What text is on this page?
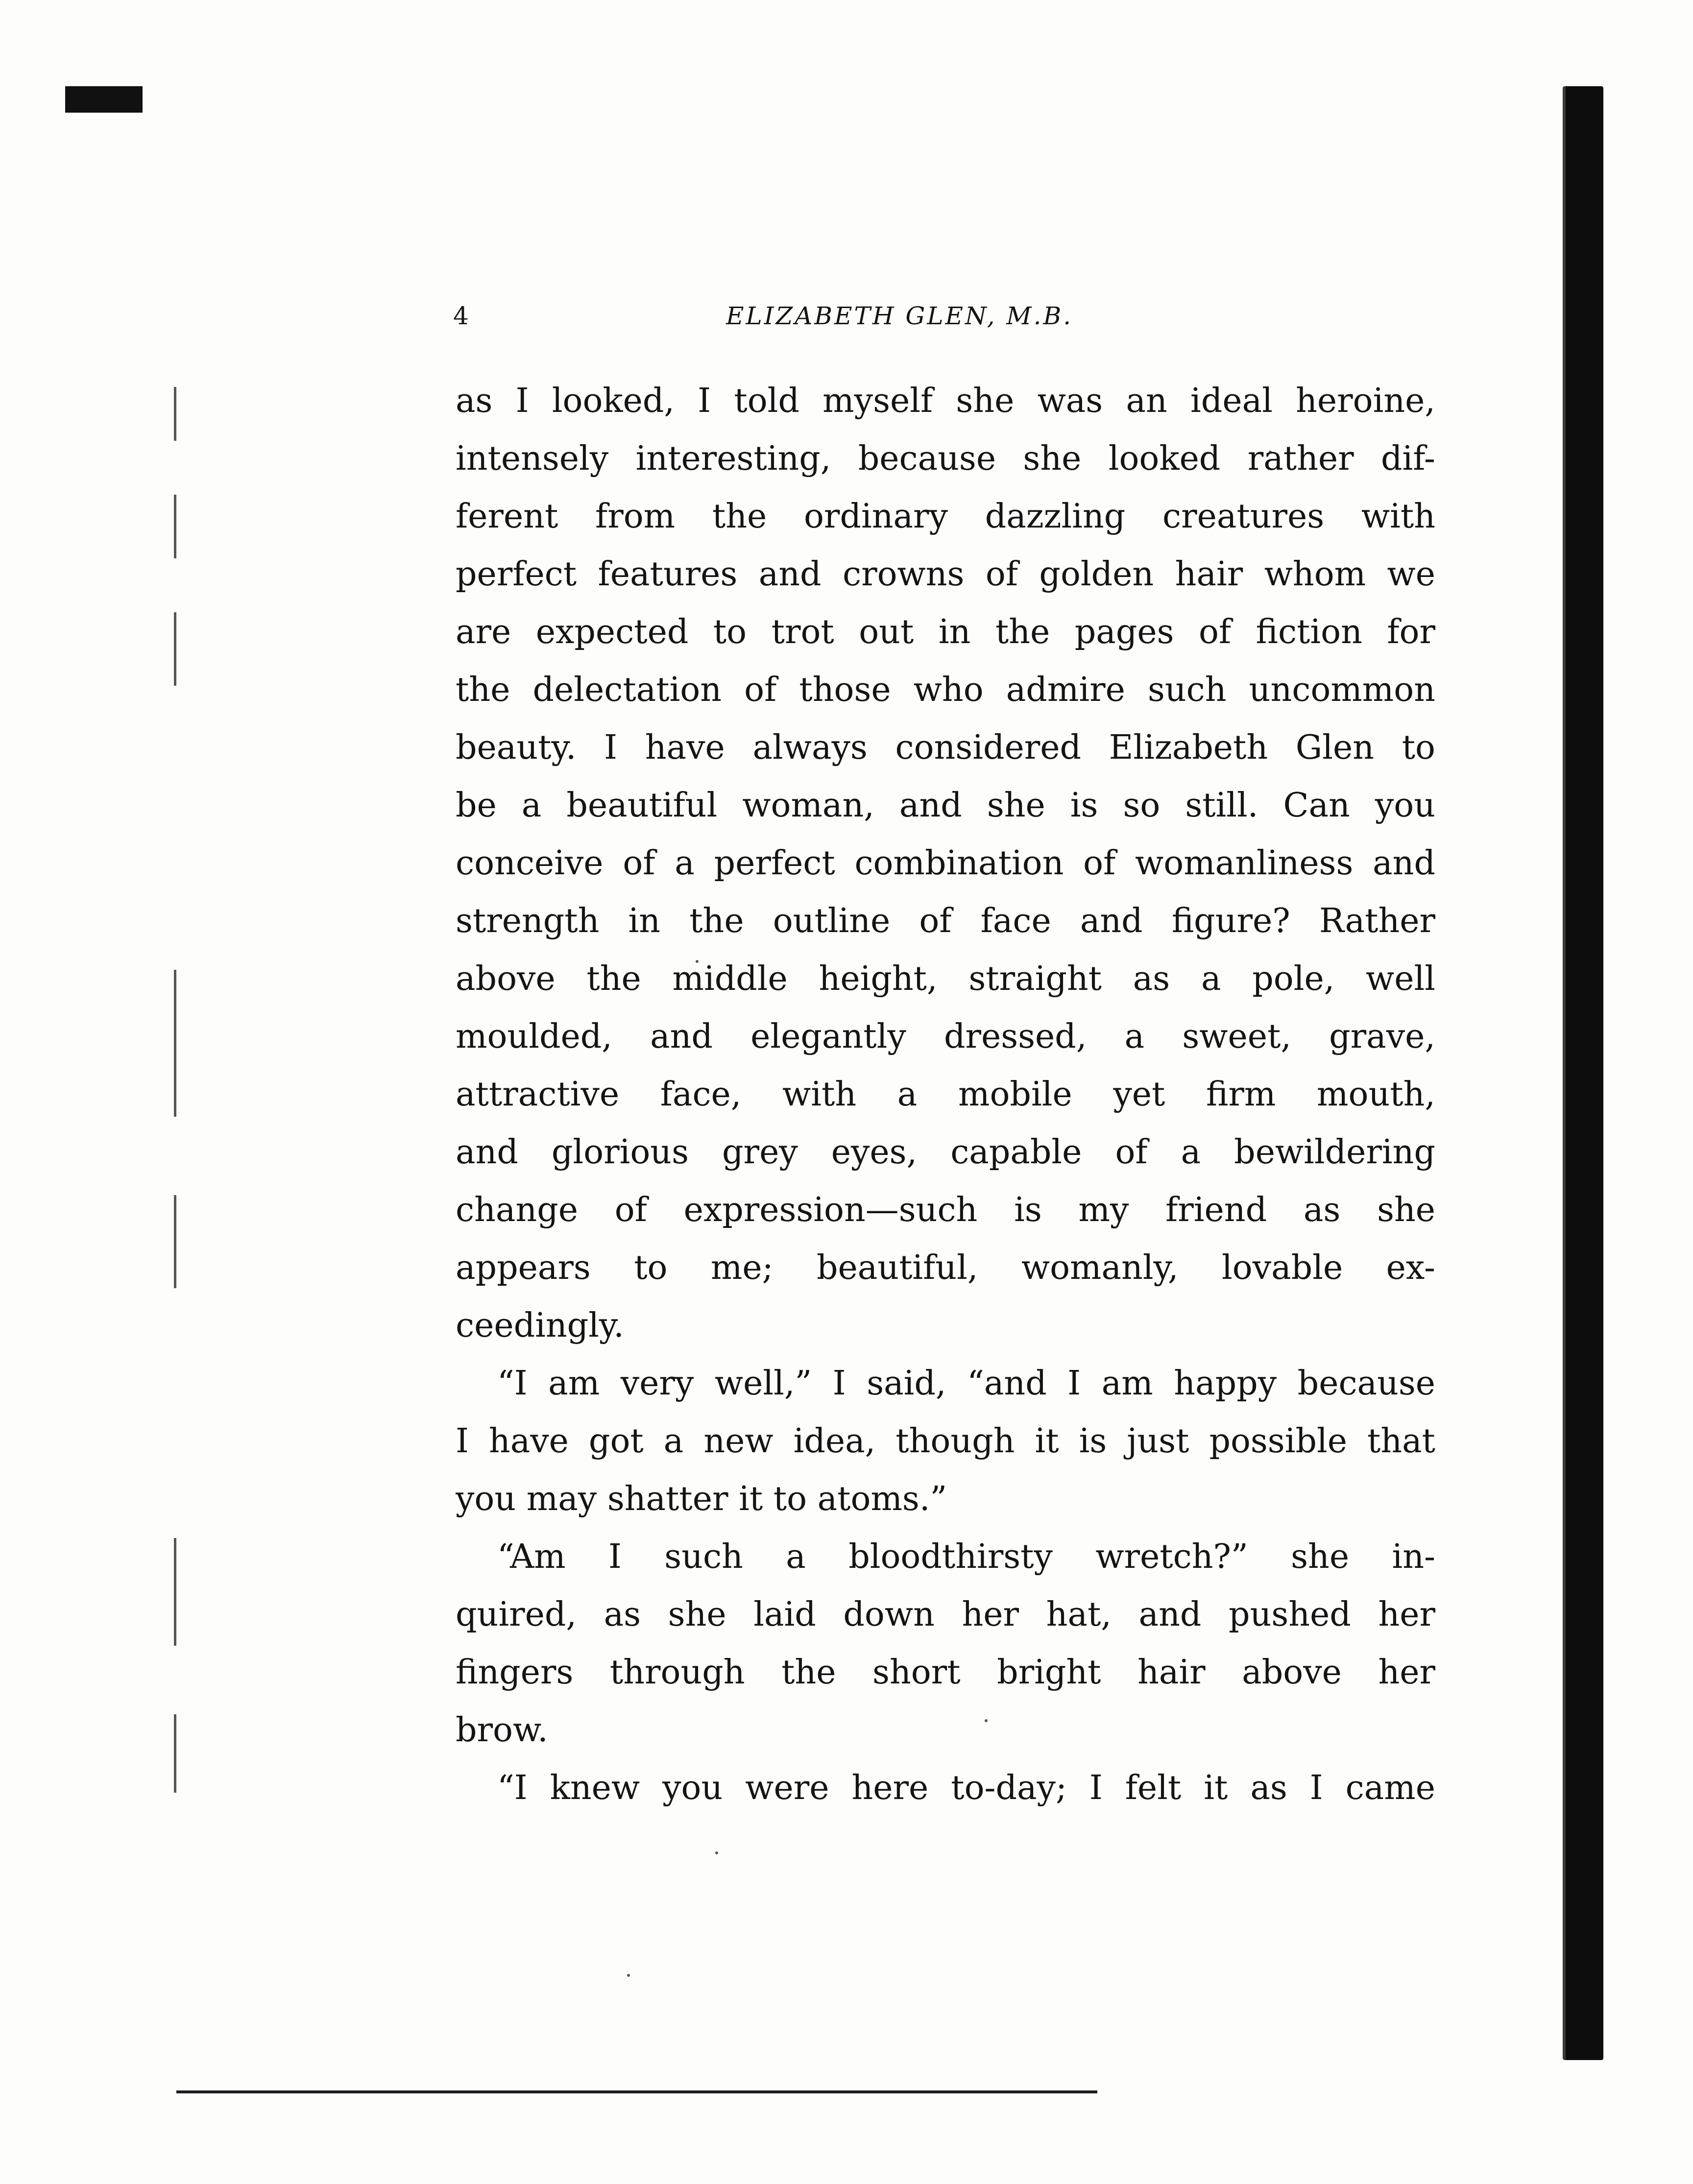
4	ELIZABETH GLEN, M.B.
as I looked, I told myself she was an ideal heroine,
intensely interesting, because she looked rather dif-
ferent from the ordinary dazzling creatures with
perfect features and crowns of golden hair whom we
are expected to trot out in the pages of fiction for
the delectation of those who admire such uncommon
beauty. I have always considered Elizabeth Glen to
be a beautiful woman, and she is so still. Can you
conceive of a perfect combination of womanliness and
strength in the outline of face and figure? Rather
above the middle height, straight as a pole, well
moulded, and elegantly dressed, a sweet, grave,
attractive face, with a mobile yet firm mouth,
and glorious grey eyes, capable of a bewildering
change of expression—such is my friend as she
appears to me; beautiful, womanly, lovable ex-
ceedingly.
“I am very well,” I said, “and I am happy because
I have got a new idea, though it is just possible that
you may shatter it to atoms.”
“Am I such a bloodthirsty wretch?” she in-
quired, as she laid down her hat, and pushed her
fingers through the short bright hair above her
brow.
“I knew you were here to-day; I felt it as I came
